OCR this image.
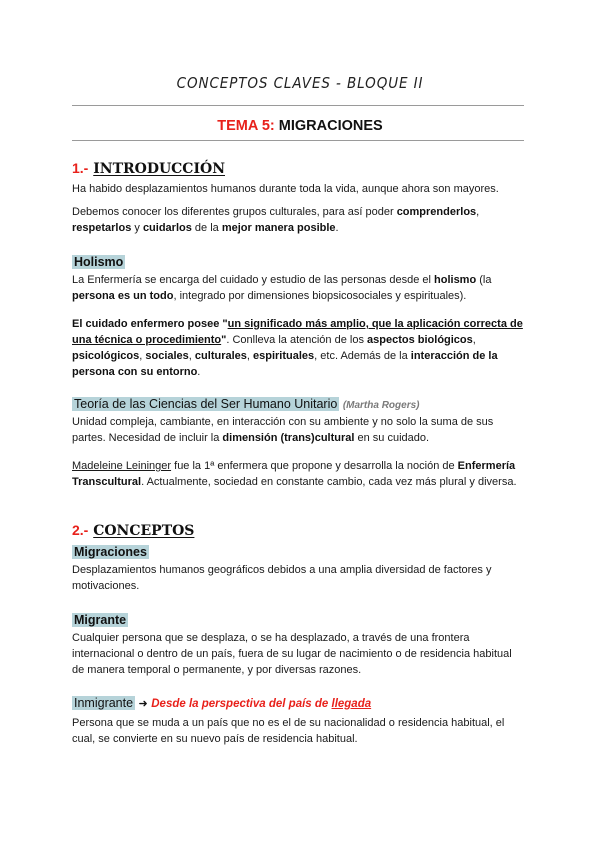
CONCEPTOS CLAVES - BLOQUE II
TEMA 5: MIGRACIONES
1.- INTRODUCCIÓN
Ha habido desplazamientos humanos durante toda la vida, aunque ahora son mayores.
Debemos conocer los diferentes grupos culturales, para así poder comprenderlos,
respetarlos y cuidarlos de la mejor manera posible.
Holismo
La Enfermería se encarga del cuidado y estudio de las personas desde el holismo (la
persona es un todo, integrado por dimensiones biopsicosociales y espirituales).
El cuidado enfermero posee "un significado más amplio, que la aplicación correcta de
una técnica o procedimiento". Conlleva la atención de los aspectos biológicos,
psicológicos, sociales, culturales, espirituales, etc. Además de la interacción de la
persona con su entorno.
Teoría de las Ciencias del Ser Humano Unitario (Martha Rogers)
Unidad compleja, cambiante, en interacción con su ambiente y no solo la suma de sus
partes. Necesidad de incluir la dimensión (trans)cultural en su cuidado.
Madeleine Leininger fue la 1ª enfermera que propone y desarrolla la noción de Enfermería
Transcultural. Actualmente, sociedad en constante cambio, cada vez más plural y diversa.
2.- CONCEPTOS
Migraciones
Desplazamientos humanos geográficos debidos a una amplia diversidad de factores y
motivaciones.
Migrante
Cualquier persona que se desplaza, o se ha desplazado, a través de una frontera
internacional o dentro de un país, fuera de su lugar de nacimiento o de residencia habitual
de manera temporal o permanente, y por diversas razones.
Inmigrante ➜ Desde la perspectiva del país de llegada
Persona que se muda a un país que no es el de su nacionalidad o residencia habitual, el
cual, se convierte en su nuevo país de residencia habitual.
